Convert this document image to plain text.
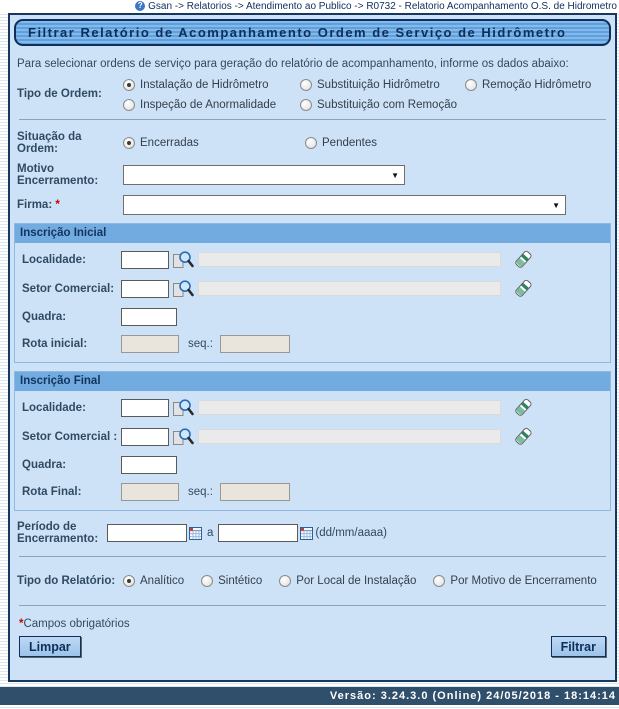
? Gsan -> Relatorios -> Atendimento ao Publico -> R0732 - Relatorio Acompanhamento O.S. de Hidrometro
Filtrar Relatório de Acompanhamento Ordem de Serviço de Hidrômetro
Para selecionar ordens de serviço para geração do relatório de acompanhamento, informe os dados abaixo:
Tipo de Ordem:
Instalação de Hidrômetro	Substituição Hidrômetro	Remoção Hidrômetro
Inspeção de Anormalidade	Substituição com Remoção
Situação da Ordem:	Encerradas	Pendentes
Motivo Encerramento:	▼
Firma: *	▼
Inscrição Inicial
Localidade:
Setor Comercial:
Quadra:
Rota inicial:	seq.:
Inscrição Final
Localidade:
Setor Comercial :
Quadra:
Rota Final:	seq.:
Período de Encerramento:	a	(dd/mm/aaaa)
Tipo do Relatório:	Analítico	Sintético	Por Local de Instalação	Por Motivo de Encerramento
*Campos obrigatórios
Limpar	Filtrar
Versão: 3.24.3.0 (Online) 24/05/2018 - 18:14:14
